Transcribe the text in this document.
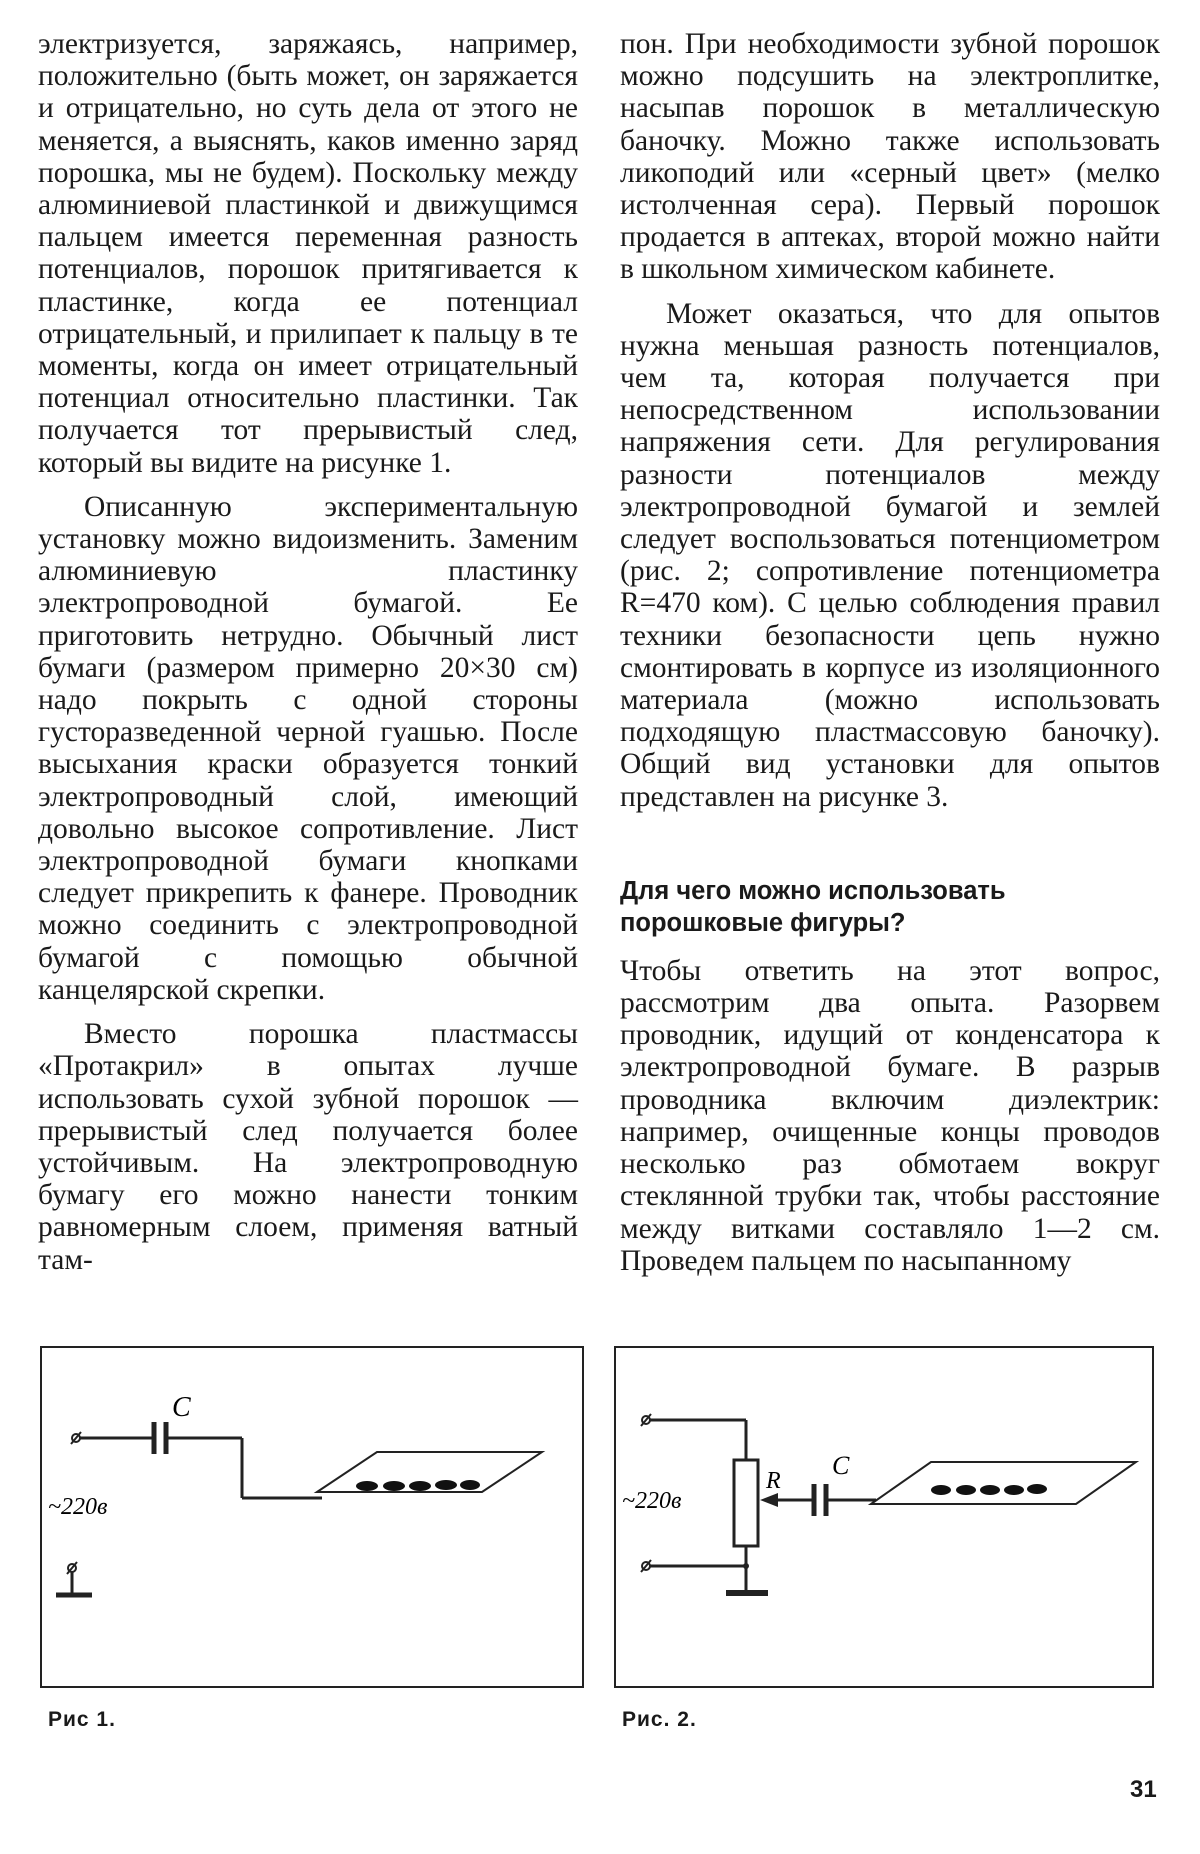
электризуется, заряжаясь, например, положительно (быть может, он заряжается и отрицательно, но суть дела от этого не меняется, а выяснять, каков именно заряд порошка, мы не будем). Поскольку между алюминиевой пластинкой и движущимся пальцем имеется переменная разность потенциалов, порошок притягивается к пластинке, когда ее потенциал отрицательный, и прилипает к пальцу в те моменты, когда он имеет отрицательный потенциал относительно пластинки. Так получается тот прерывистый след, который вы видите на рисунке 1.

Описанную экспериментальную установку можно видоизменить. Заменим алюминиевую пластинку электропроводной бумагой. Ее приготовить нетрудно. Обычный лист бумаги (размером примерно 20×30 см) надо покрыть с одной стороны густоразведенной черной гуашью. После высыхания краски образуется тонкий электропроводный слой, имеющий довольно высокое сопротивление. Лист электропроводной бумаги кнопками следует прикрепить к фанере. Проводник можно соединить с электропроводной бумагой с помощью обычной канцелярской скрепки.

Вместо порошка пластмассы «Протакрил» в опытах лучше использовать сухой зубной порошок — прерывистый след получается более устойчивым. На электропроводную бумагу его можно нанести тонким равномерным слоем, применяя ватный там-

пон. При необходимости зубной порошок можно подсушить на электроплитке, насыпав порошок в металлическую баночку. Можно также использовать ликоподий или «серный цвет» (мелко истолченная сера). Первый порошок продается в аптеках, второй можно найти в школьном химическом кабинете.

Может оказаться, что для опытов нужна меньшая разность потенциалов, чем та, которая получается при непосредственном использовании напряжения сети. Для регулирования разности потенциалов между электропроводной бумагой и землей следует воспользоваться потенциометром (рис. 2; сопротивление потенциометра R=470 ком). С целью соблюдения правил техники безопасности цепь нужно смонтировать в корпусе из изоляционного материала (можно использовать подходящую пластмассовую баночку). Общий вид установки для опытов представлен на рисунке 3.

Для чего можно использовать порошковые фигуры?

Чтобы ответить на этот вопрос, рассмотрим два опыта. Разорвем проводник, идущий от конденсатора к электропроводной бумаге. В разрыв проводника включим диэлектрик: например, очищенные концы проводов несколько раз обмотаем вокруг стеклянной трубки так, чтобы расстояние между витками составляло 1—2 см. Проведем пальцем по насыпанному

C
~220в
R
C
~220в
Рис 1.	Рис. 2.
31
